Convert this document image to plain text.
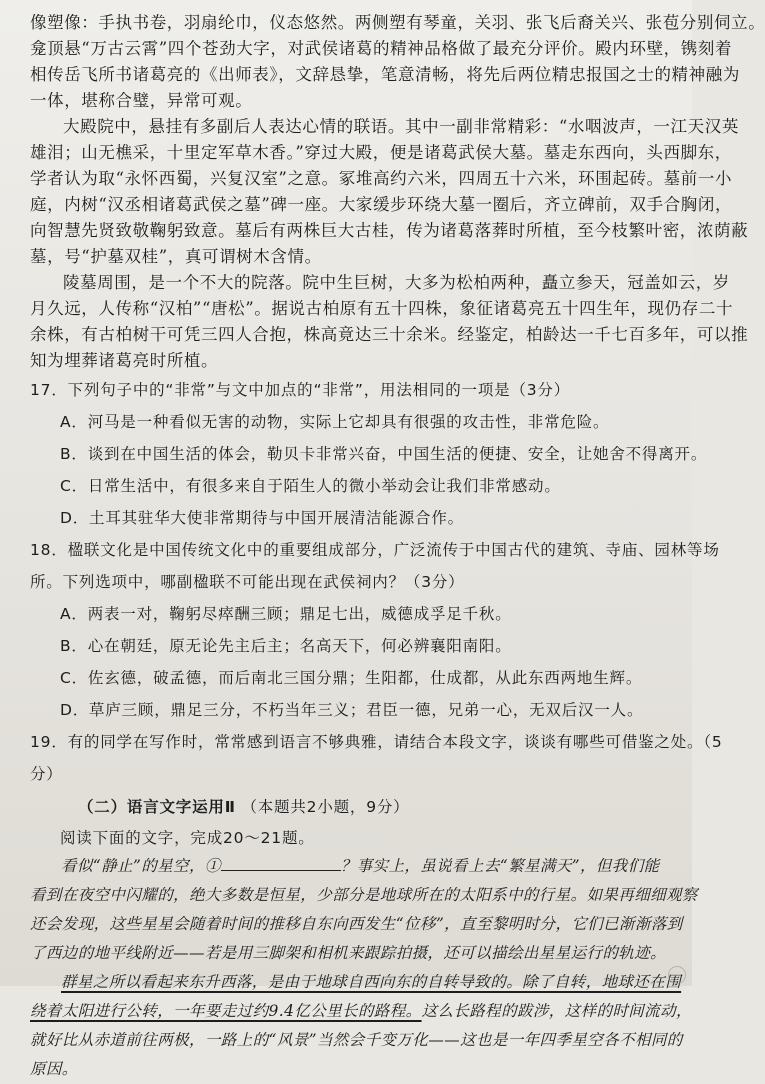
像塑像：手执书卷，羽扇纶巾，仪态悠然。两侧塑有琴童，关羽、张飞后裔关兴、张苞分别伺立。

龛顶悬“万古云霄”四个苍劲大字，对武侯诸葛的精神品格做了最充分评价。殿内环壁，镌刻着

相传岳飞所书诸葛亮的《出师表》，文辞恳挚，笔意清畅，将先后两位精忠报国之士的精神融为

一体，堪称合璧，异常可观。

大殿院中，悬挂有多副后人表达心情的联语。其中一副非常精彩：“水咽波声，一江天汉英

雄泪；山无樵采，十里定军草木香。”穿过大殿，便是诸葛武侯大墓。墓走东西向，头西脚东，

学者认为取“永怀西蜀，兴复汉室”之意。冢堆高约六米，四周五十六米，环围起砖。墓前一小

庭，内树“汉丞相诸葛武侯之墓”碑一座。大家缓步环绕大墓一圈后，齐立碑前，双手合胸闭，

向智慧先贤致敬鞠躬致意。墓后有两株巨大古桂，传为诸葛落葬时所植，至今枝繁叶密，浓荫蔽

墓，号“护墓双桂”，真可谓树木含情。

陵墓周围，是一个不大的院落。院中生巨树，大多为松柏两种，矗立参天，冠盖如云，岁

月久远，人传称“汉柏”“唐松”。据说古柏原有五十四株，象征诸葛亮五十四生年，现仍存二十

余株，有古柏树干可凭三四人合抱，株高竟达三十余米。经鉴定，柏龄达一千七百多年，可以推

知为埋葬诸葛亮时所植。

17．下列句子中的“非常”与文中加点的“非常”，用法相同的一项是（3分）

A．河马是一种看似无害的动物，实际上它却具有很强的攻击性，非常危险。

B．谈到在中国生活的体会，勒贝卡非常兴奋，中国生活的便捷、安全，让她舍不得离开。

C．日常生活中，有很多来自于陌生人的微小举动会让我们非常感动。

D．土耳其驻华大使非常期待与中国开展清洁能源合作。

18．楹联文化是中国传统文化中的重要组成部分，广泛流传于中国古代的建筑、寺庙、园林等场

所。下列选项中，哪副楹联不可能出现在武侯祠内？（3分）

A．两表一对，鞠躬尽瘁酬三顾；鼎足七出，威德成孚足千秋。

B．心在朝廷，原无论先主后主；名高天下，何必辨襄阳南阳。

C．佐玄德，破孟德，而后南北三国分鼎；生阳都，仕成都，从此东西两地生辉。

D．草庐三顾，鼎足三分，不朽当年三义；君臣一德，兄弟一心，无双后汉一人。

19．有的同学在写作时，常常感到语言不够典雅，请结合本段文字，谈谈有哪些可借鉴之处。（5

分）

（二）语言文字运用Ⅱ （本题共2小题，9分）

阅读下面的文字，完成20～21题。

看似“静止”的星空，①	？事实上，虽说看上去“繁星满天”，但我们能

看到在夜空中闪耀的，绝大多数是恒星，少部分是地球所在的太阳系中的行星。如果再细细观察

还会发现，这些星星会随着时间的推移自东向西发生“位移”，直至黎明时分，它们已渐渐落到

了西边的地平线附近——若是用三脚架和相机来跟踪拍摄，还可以描绘出星星运行的轨迹。

群星之所以看起来东升西落，是由于地球自西向东的自转导致的。除了自转，地球还在围

绕着太阳进行公转，一年要走过约9.4亿公里长的路程。这么长路程的跋涉，这样的时间流动，

就好比从赤道前往两极，一路上的“风景”当然会千变万化——这也是一年四季星空各不相同的

原因。
